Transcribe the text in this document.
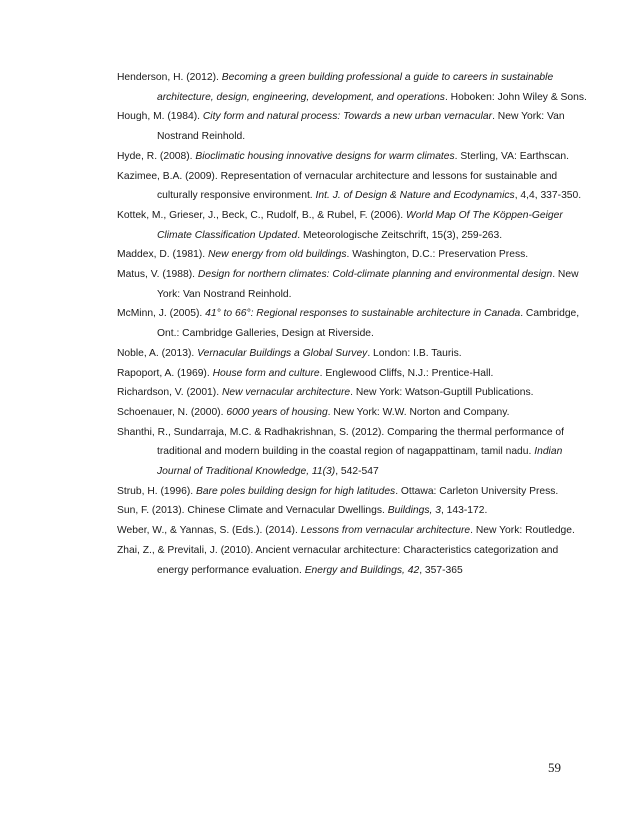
Henderson, H. (2012). Becoming a green building professional a guide to careers in sustainable architecture, design, engineering, development, and operations. Hoboken: John Wiley & Sons.

Hough, M. (1984). City form and natural process: Towards a new urban vernacular. New York: Van Nostrand Reinhold.

Hyde, R. (2008). Bioclimatic housing innovative designs for warm climates. Sterling, VA: Earthscan.

Kazimee, B.A. (2009). Representation of vernacular architecture and lessons for sustainable and culturally responsive environment. Int. J. of Design & Nature and Ecodynamics, 4,4, 337-350.

Kottek, M., Grieser, J., Beck, C., Rudolf, B., & Rubel, F. (2006). World Map Of The Köppen-Geiger Climate Classification Updated. Meteorologische Zeitschrift, 15(3), 259-263.

Maddex, D. (1981). New energy from old buildings. Washington, D.C.: Preservation Press.

Matus, V. (1988). Design for northern climates: Cold-climate planning and environmental design. New York: Van Nostrand Reinhold.

McMinn, J. (2005). 41° to 66°: Regional responses to sustainable architecture in Canada. Cambridge, Ont.: Cambridge Galleries, Design at Riverside.

Noble, A. (2013). Vernacular Buildings a Global Survey. London: I.B. Tauris.

Rapoport, A. (1969). House form and culture. Englewood Cliffs, N.J.: Prentice-Hall.

Richardson, V. (2001). New vernacular architecture. New York: Watson-Guptill Publications.

Schoenauer, N. (2000). 6000 years of housing. New York: W.W. Norton and Company.

Shanthi, R., Sundarraja, M.C. & Radhakrishnan, S. (2012). Comparing the thermal performance of traditional and modern building in the coastal region of nagappattinam, tamil nadu. Indian Journal of Traditional Knowledge, 11(3), 542-547

Strub, H. (1996). Bare poles building design for high latitudes. Ottawa: Carleton University Press.

Sun, F. (2013). Chinese Climate and Vernacular Dwellings. Buildings, 3, 143-172.

Weber, W., & Yannas, S. (Eds.). (2014). Lessons from vernacular architecture. New York: Routledge.

Zhai, Z., & Previtali, J. (2010). Ancient vernacular architecture: Characteristics categorization and energy performance evaluation. Energy and Buildings, 42, 357-365

59
